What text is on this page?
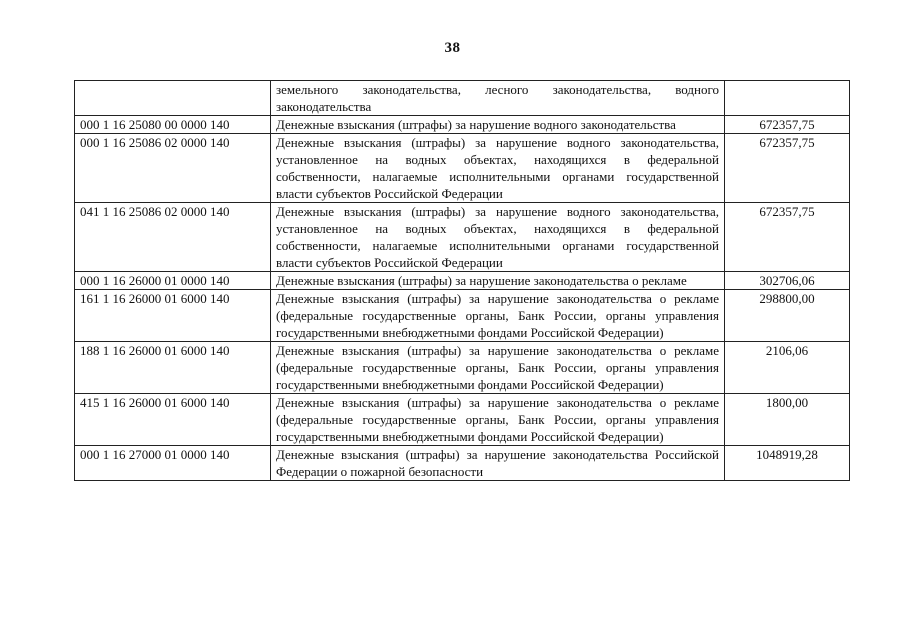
38
	земельного законодательства, лесного законодательства, водного законодательства	
000 1 16 25080 00 0000 140	Денежные взыскания (штрафы) за нарушение водного законодательства	672357,75
000 1 16 25086 02 0000 140	Денежные взыскания (штрафы) за нарушение водного законодательства, установленное на водных объектах, находящихся в федеральной собственности, налагаемые исполнительными органами государственной власти субъектов Российской Федерации	672357,75
041 1 16 25086 02 0000 140	Денежные взыскания (штрафы) за нарушение водного законодательства, установленное на водных объектах, находящихся в федеральной собственности, налагаемые исполнительными органами государственной власти субъектов Российской Федерации	672357,75
000 1 16 26000 01 0000 140	Денежные взыскания (штрафы) за нарушение законодательства о рекламе	302706,06
161 1 16 26000 01 6000 140	Денежные взыскания (штрафы) за нарушение законодательства о рекламе (федеральные государственные органы, Банк России, органы управления государственными внебюджетными фондами Российской Федерации)	298800,00
188 1 16 26000 01 6000 140	Денежные взыскания (штрафы) за нарушение законодательства о рекламе (федеральные государственные органы, Банк России, органы управления государственными внебюджетными фондами Российской Федерации)	2106,06
415 1 16 26000 01 6000 140	Денежные взыскания (штрафы) за нарушение законодательства о рекламе (федеральные государственные органы, Банк России, органы управления государственными внебюджетными фондами Российской Федерации)	1800,00
000 1 16 27000 01 0000 140	Денежные взыскания (штрафы) за нарушение законодательства Российской Федерации о пожарной безопасности	1048919,28
